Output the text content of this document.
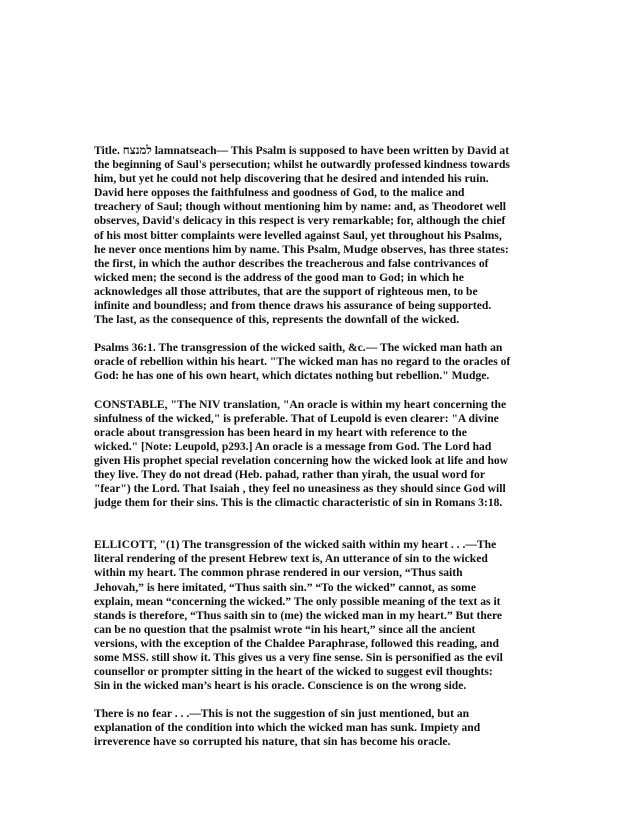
Title. למנצח lamnatseach— This Psalm is supposed to have been written by David at
the beginning of Saul's persecution; whilst he outwardly professed kindness towards
him, but yet he could not help discovering that he desired and intended his ruin.
David here opposes the faithfulness and goodness of God, to the malice and
treachery of Saul; though without mentioning him by name: and, as Theodoret well
observes, David's delicacy in this respect is very remarkable; for, although the chief
of his most bitter complaints were levelled against Saul, yet throughout his Psalms,
he never once mentions him by name. This Psalm, Mudge observes, has three states:
the first, in which the author describes the treacherous and false contrivances of
wicked men; the second is the address of the good man to God; in which he
acknowledges all those attributes, that are the support of righteous men, to be
infinite and boundless; and from thence draws his assurance of being supported.
The last, as the consequence of this, represents the downfall of the wicked.

Psalms 36:1. The transgression of the wicked saith, &c.— The wicked man hath an
oracle of rebellion within his heart. "The wicked man has no regard to the oracles of
God: he has one of his own heart, which dictates nothing but rebellion." Mudge.

CONSTABLE, "The NIV translation, "An oracle is within my heart concerning the
sinfulness of the wicked," is preferable. That of Leupold is even clearer: "A divine
oracle about transgression has been heard in my heart with reference to the
wicked." [Note: Leupold, p293.] An oracle is a message from God. The Lord had
given His prophet special revelation concerning how the wicked look at life and how
they live. They do not dread (Heb. pahad, rather than yirah, the usual word for
"fear") the Lord. That Isaiah , they feel no uneasiness as they should since God will
judge them for their sins. This is the climactic characteristic of sin in Romans 3:18.

ELLICOTT, "(1) The transgression of the wicked saith within my heart . . .—The
literal rendering of the present Hebrew text is, An utterance of sin to the wicked
within my heart. The common phrase rendered in our version, “Thus saith
Jehovah,” is here imitated, “Thus saith sin.” “To the wicked” cannot, as some
explain, mean “concerning the wicked.” The only possible meaning of the text as it
stands is therefore, “Thus saith sin to (me) the wicked man in my heart.” But there
can be no question that the psalmist wrote “in his heart,” since all the ancient
versions, with the exception of the Chaldee Paraphrase, followed this reading, and
some MSS. still show it. This gives us a very fine sense. Sin is personified as the evil
counsellor or prompter sitting in the heart of the wicked to suggest evil thoughts:
Sin in the wicked man’s heart is his oracle. Conscience is on the wrong side.

There is no fear . . .—This is not the suggestion of sin just mentioned, but an
explanation of the condition into which the wicked man has sunk. Impiety and
irreverence have so corrupted his nature, that sin has become his oracle.
